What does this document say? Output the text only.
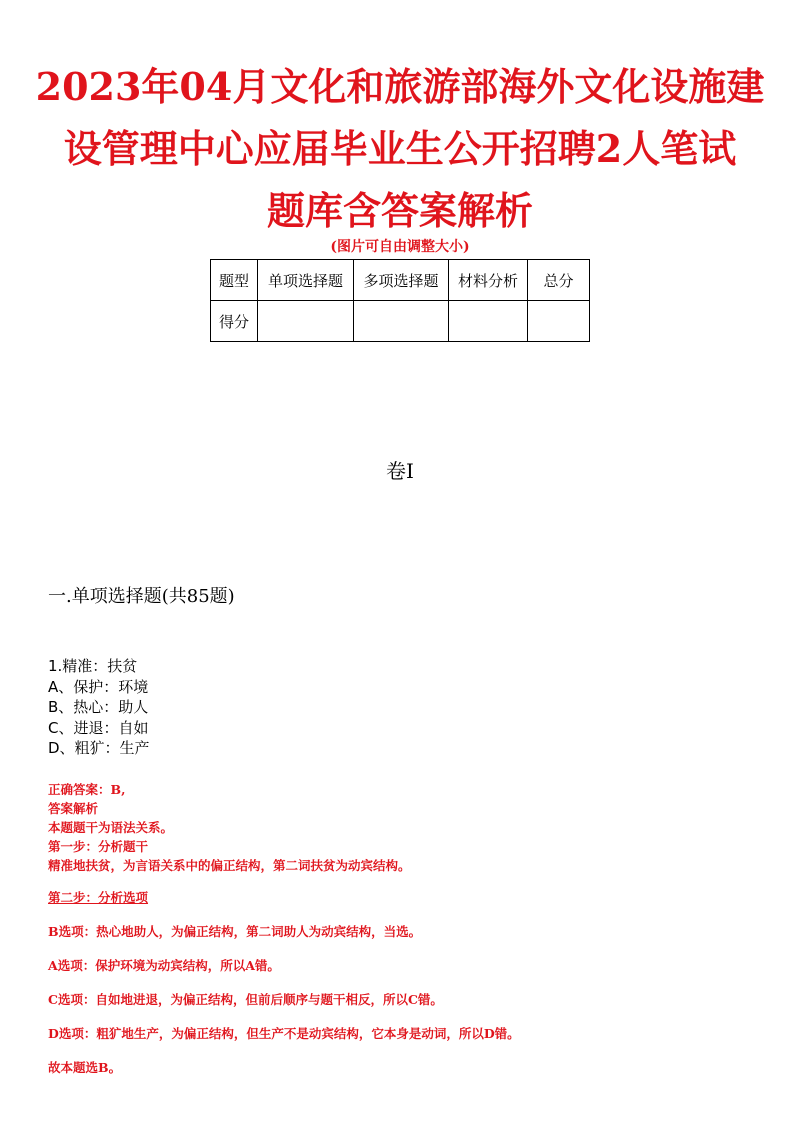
2023年04月文化和旅游部海外文化设施建
设管理中心应届毕业生公开招聘2人笔试
题库含答案解析
(图片可自由调整大小)
题型	单项选择题	多项选择题	材料分析	总分
得分				
卷Ⅰ
一.单项选择题(共85题)
1.精准：扶贫
A、保护：环境
B、热心：助人
C、进退：自如
D、粗犷：生产
正确答案：B,
答案解析
本题题干为语法关系。
第一步：分析题干
精准地扶贫，为言语关系中的偏正结构，第二词扶贫为动宾结构。
第二步：分析选项
B选项：热心地助人，为偏正结构，第二词助人为动宾结构，当选。
A选项：保护环境为动宾结构，所以A错。
C选项：自如地进退，为偏正结构，但前后顺序与题干相反，所以C错。
D选项：粗犷地生产，为偏正结构，但生产不是动宾结构，它本身是动词，所以D错。
故本题选B。
